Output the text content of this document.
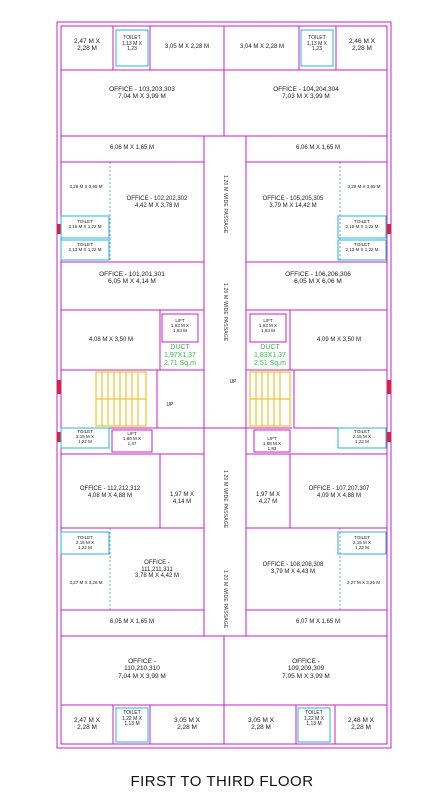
2,47 M X
2,28 M
TOILET
1,13 M X
1,23	3,05 M X 2,28 M	3,04 M X 2,28 M
TOILET
1,13 M X
1,23
2,46 M X
2,28 M
OFFICE - 103,203,303
7,04 M X 3,99 M
OFFICE - 104,204,304
7,03 M X 3,99 M
6,06 M X 1,65 M	6,06 M X 1,65 M
3,28 M X 3,65 M
OFFICE - 102,202,302
4,42 M X 3,78 M
OFFICE - 105,205,305
3,79 M X 14,42 M
3,29 M X 3,65 M
TOILET
2,15 M X 1,22 M
TOILET
2,13 M X 1,22 M
TOILET
2,15 M X 1,22 M
TOILET
2,13 M X 1,22 M
OFFICE - 101,201,301
6,05 M X 4,14 M
OFFICE - 106,206,306
6,05 M X 6,06 M
4,08 M X 3,50 M	4,09 M X 3,50 M
LIFT
1,63 M X
1,63 M
LIFT
1,63 M X
1,63 M
DUCT
1,97X1,37
2,71 Sq.m
DUCT
1,83X1,37
2,51 Sq.m
UP
UP
TOILET
2,15 M X
1,22 M
LIFT
1,80 M X
1,47
LIFT
1,88 M X
1,83
TOILET
2,15 M X
1,22 M
OFFICE - 112,212,312
4,08 M X 4,88 M	1,97 M X
4,14 M
1,97 M X
4,27 M
OFFICE - 107,207,307
4,09 M X 4,88 M
TOILET
2,15 M X
1,22 M
TOILET
2,15 M X
1,22 M
OFFICE -
111,211,311
3,78 M X 4,42 M
OFFICE - 108,208,308
3,79 M X 4,43 M
3,27 M X 3,26 M	3,27 M X 3,26 M
6,05 M X 1,65 M	6,07 M X 1,65 M
OFFICE -
110,210,310
7,04 M X 3,99 M
OFFICE -
109,209,309
7,05 M X 3,99 M
2,47 M X
2,28 M
TOILET
1,22 M X
1,13 M
3,05 M X
2,28 M
3,05 M X
2,28 M
TOILET
1,22 M X
1,13 M
2,48 M X
2,28 M
1.20 M WIDE PASSAGE
1.20 M WIDE PASSAGE
1.20 M WIDE PASSAGE
1.20 M WIDE PASSAGE
FIRST TO THIRD FLOOR
